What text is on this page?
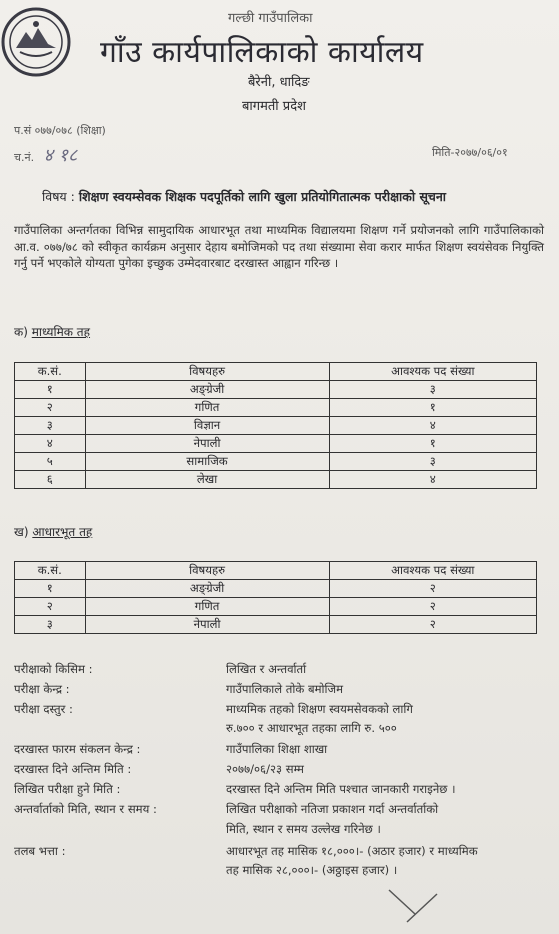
गल्छी गाउँपालिका
गाँउ कार्यपालिकाको कार्यालय
बैरेनी, धादिङ
बागमती प्रदेश
प.सं ०७७/०७८ (शिक्षा)
च.नं. ४ १८	मिति-२०७७/०६/०१
विषय : शिक्षण स्वयम्सेवक शिक्षक पदपूर्तिको लागि खुला प्रतियोगितात्मक परीक्षाको सूचना
गाउँपालिका अन्तर्गतका विभिन्न सामुदायिक आधारभूत तथा माध्यमिक विद्यालयमा शिक्षण गर्ने प्रयोजनको लागि गाउँपालिकाको आ.व. ०७७/७८ को स्वीकृत कार्यक्रम अनुसार देहाय बमोजिमको पद तथा संख्यामा सेवा करार मार्फत शिक्षण स्वयंसेवक नियुक्ति गर्नु पर्ने भएकोले योग्यता पुगेका इच्छुक उम्मेदवारबाट दरखास्त आह्वान गरिन्छ ।
क) माध्यमिक तह
क.सं.	विषयहरु	आवश्यक पद संख्या
१	अङ्ग्रेजी	३
२	गणित	१
३	विज्ञान	४
४	नेपाली	१
५	सामाजिक	३
६	लेखा	४
ख) आधारभूत तह
क.सं.	विषयहरु	आवश्यक पद संख्या
१	अङ्ग्रेजी	२
२	गणित	२
३	नेपाली	२
परीक्षाको किसिम :	लिखित र अन्तर्वार्ता
परीक्षा केन्द्र :	गाउँपालिकाले तोके बमोजिम
परीक्षा दस्तुर :	माध्यमिक तहको शिक्षण स्वयमसेवकको लागि
रु.७०० र आधारभूत तहका लागि रु. ५००
दरखास्त फारम संकलन केन्द्र :	गाउँपालिका शिक्षा शाखा
दरखास्त दिने अन्तिम मिति :	२०७७/०६/२३ सम्म
लिखित परीक्षा हुने मिति :	दरखास्त दिने अन्तिम मिति पश्चात जानकारी गराइनेछ ।
अन्तर्वार्ताको मिति, स्थान र समय :	लिखित परीक्षाको नतिजा प्रकाशन गर्दा अन्तर्वार्ताको
मिति, स्थान र समय उल्लेख गरिनेछ ।
तलब भत्ता :	आधारभूत तह मासिक १८,०००।- (अठार हजार) र माध्यमिक
तह मासिक २८,०००।- (अठ्ठाइस हजार) ।
